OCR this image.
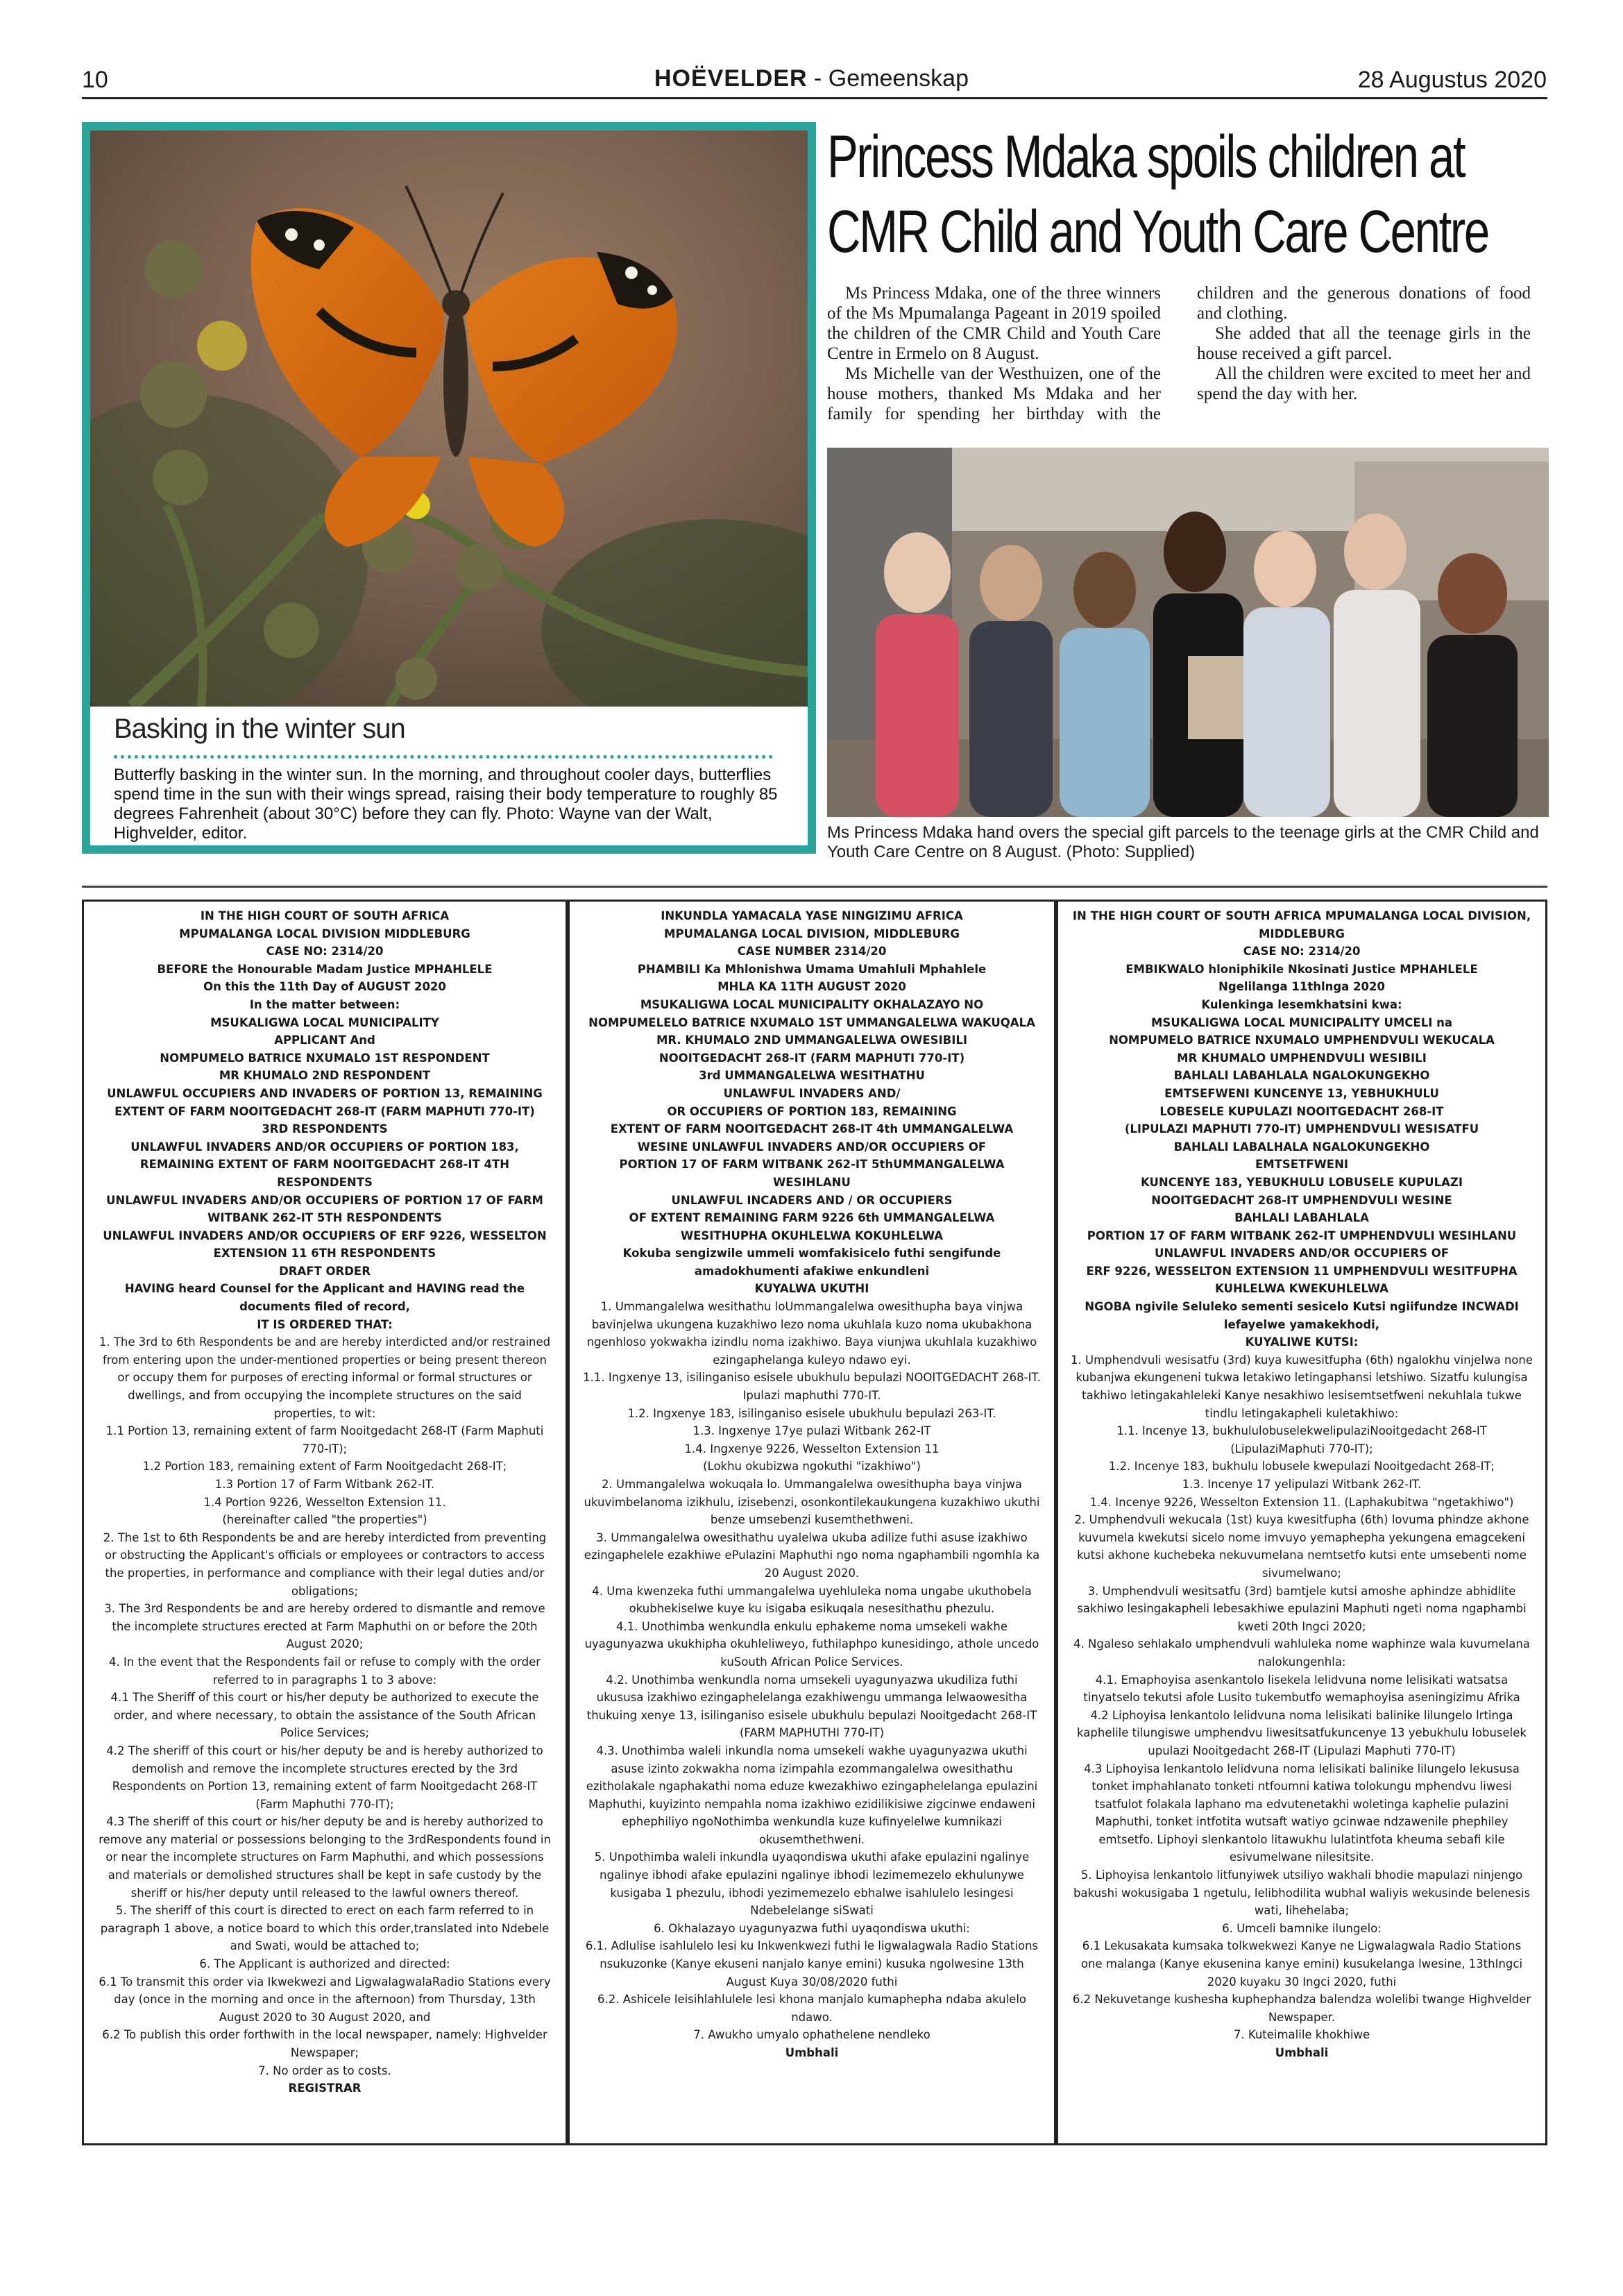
10	HOËVELDER - Gemeenskap	28 Augustus 2020
Basking in the winter sun
Butterfly basking in the winter sun. In the morning, and throughout cooler days, butterflies spend time in the sun with their wings spread, raising their body temperature to roughly 85 degrees Fahrenheit (about 30°C) before they can fly. Photo: Wayne van der Walt, Highvelder, editor.
Princess Mdaka spoils children at CMR Child and Youth Care Centre

Ms Princess Mdaka, one of the three winners of the Ms Mpumalanga Pageant in 2019 spoiled the children of the CMR Child and Youth Care Centre in Ermelo on 8 August.

Ms Michelle van der Westhuizen, one of the house mothers, thanked Ms Mdaka and her family for spending her birthday with the children and the generous donations of food and clothing.

She added that all the teenage girls in the house received a gift parcel.

All the children were excited to meet her and spend the day with her.

Ms Princess Mdaka hand overs the special gift parcels to the teenage girls at the CMR Child and Youth Care Centre on 8 August. (Photo: Supplied)
IN THE HIGH COURT OF SOUTH AFRICA
MPUMALANGA LOCAL DIVISION MIDDLEBURG
CASE NO: 2314/20
BEFORE the Honourable Madam Justice MPHAHLELE
On this the 11th Day of AUGUST 2020
In the matter between:
MSUKALIGWA LOCAL MUNICIPALITY
APPLICANT And
NOMPUMELO BATRICE NXUMALO 1ST RESPONDENT
MR KHUMALO 2ND RESPONDENT
UNLAWFUL OCCUPIERS AND INVADERS OF PORTION 13, REMAINING EXTENT OF FARM NOOITGEDACHT 268-IT (FARM MAPHUTI 770-IT)
3RD RESPONDENTS
UNLAWFUL INVADERS AND/OR OCCUPIERS OF PORTION 183, REMAINING EXTENT OF FARM NOOITGEDACHT 268-IT 4TH RESPONDENTS
UNLAWFUL INVADERS AND/OR OCCUPIERS OF PORTION 17 OF FARM WITBANK 262-IT 5TH RESPONDENTS
UNLAWFUL INVADERS AND/OR OCCUPIERS OF ERF 9226, WESSELTON EXTENSION 11 6TH RESPONDENTS
DRAFT ORDER
HAVING heard Counsel for the Applicant and HAVING read the documents filed of record,
IT IS ORDERED THAT:
1. The 3rd to 6th Respondents be and are hereby interdicted and/or restrained from entering upon the under-mentioned properties or being present thereon or occupy them for purposes of erecting informal or formal structures or dwellings, and from occupying the incomplete structures on the said properties, to wit:
1.1 Portion 13, remaining extent of farm Nooitgedacht 268-IT (Farm Maphuti 770-IT);
1.2 Portion 183, remaining extent of Farm Nooitgedacht 268-IT;
1.3 Portion 17 of Farm Witbank 262-IT.
1.4 Portion 9226, Wesselton Extension 11.
(hereinafter called "the properties")
2. The 1st to 6th Respondents be and are hereby interdicted from preventing or obstructing the Applicant's officials or employees or contractors to access the properties, in performance and compliance with their legal duties and/or obligations;
3. The 3rd Respondents be and are hereby ordered to dismantle and remove the incomplete structures erected at Farm Maphuthi on or before the 20th August 2020;
4. In the event that the Respondents fail or refuse to comply with the order referred to in paragraphs 1 to 3 above:
4.1 The Sheriff of this court or his/her deputy be authorized to execute the order, and where necessary, to obtain the assistance of the South African Police Services;
4.2 The sheriff of this court or his/her deputy be and is hereby authorized to demolish and remove the incomplete structures erected by the 3rd Respondents on Portion 13, remaining extent of farm Nooitgedacht 268-IT (Farm Maphuthi 770-IT);
4.3 The sheriff of this court or his/her deputy be and is hereby authorized to remove any material or possessions belonging to the 3rdRespondents found in or near the incomplete structures on Farm Maphuthi, and which possessions and materials or demolished structures shall be kept in safe custody by the sheriff or his/her deputy until released to the lawful owners thereof.
5. The sheriff of this court is directed to erect on each farm referred to in paragraph 1 above, a notice board to which this order,translated into Ndebele and Swati, would be attached to;
6. The Applicant is authorized and directed:
6.1 To transmit this order via Ikwekwezi and LigwalagwalaRadio Stations every day (once in the morning and once in the afternoon) from Thursday, 13th August 2020 to 30 August 2020, and
6.2 To publish this order forthwith in the local newspaper, namely: Highvelder Newspaper;
7. No order as to costs.
REGISTRAR
INKUNDLA YAMACALA YASE NINGIZIMU AFRICA
MPUMALANGA LOCAL DIVISION, MIDDLEBURG
CASE NUMBER 2314/20
PHAMBILI Ka Mhlonishwa Umama Umahluli Mphahlele
MHLA KA 11TH AUGUST 2020
MSUKALIGWA LOCAL MUNICIPALITY OKHALAZAYO NO
NOMPUMELELO BATRICE NXUMALO 1ST UMMANGALELWA WAKUQALA
MR. KHUMALO 2ND UMMANGALELWA OWESIBILI
NOOITGEDACHT 268-IT (FARM MAPHUTI 770-IT)
3rd UMMANGALELWA WESITHATHU
UNLAWFUL INVADERS AND/
OR OCCUPIERS OF PORTION 183, REMAINING
EXTENT OF FARM NOOITGEDACHT 268-IT 4th UMMANGALELWA
WESINE UNLAWFUL INVADERS AND/OR OCCUPIERS OF
PORTION 17 OF FARM WITBANK 262-IT 5thUMMANGALELWA
WESIHLANU
UNLAWFUL INCADERS AND / OR OCCUPIERS
OF EXTENT REMAINING FARM 9226 6th UMMANGALELWA
WESITHUPHA OKUHLELWA KOKUHLELWA
Kokuba sengizwile ummeli womfakisicelo futhi sengifunde amadokhumenti afakiwe enkundleni
KUYALWA UKUTHI
1. Ummangalelwa wesithathu loUmmangalelwa owesithupha baya vinjwa bavinjelwa ukungena kuzakhiwo lezo noma ukuhlala kuzo noma ukubakhona ngenhloso yokwakha izindlu noma izakhiwo. Baya viunjwa ukuhlala kuzakhiwo ezingaphelanga kuleyo ndawo eyi.
1.1. Ingxenye 13, isilinganiso esisele ubukhulu bepulazi NOOITGEDACHT 268-IT. Ipulazi maphuthi 770-IT.
1.2. Ingxenye 183, isilinganiso esisele ubukhulu bepulazi 263-IT.
1.3. Ingxenye 17ye pulazi Witbank 262-IT
1.4. Ingxenye 9226, Wesselton Extension 11
(Lokhu okubizwa ngokuthi "izakhiwo")
2. Ummangalelwa wokuqala lo. Ummangalelwa owesithupha baya vinjwa ukuvimbelanoma izikhulu, izisebenzi, osonkontilekaukungena kuzakhiwo ukuthi benze umsebenzi kusemthethweni.
3. Ummangalelwa owesithathu uyalelwa ukuba adilize futhi asuse izakhiwo ezingaphelele ezakhiwe ePulazini Maphuthi ngo noma ngaphambili ngomhla ka 20 August 2020.
4. Uma kwenzeka futhi ummangalelwa uyehluleka noma ungabe ukuthobela okubhekiselwe kuye ku isigaba esikuqala nesesithathu phezulu.
4.1. Unothimba wenkundla enkulu ephakeme noma umsekeli wakhe uyagunyazwa ukukhipha okuhleliweyo, futhilaphpo kunesidingo, athole uncedo kuSouth African Police Services.
4.2. Unothimba wenkundla noma umsekeli uyagunyazwa ukudiliza futhi ukususa izakhiwo ezingaphelelanga ezakhiwengu ummanga lelwaowesitha thukuing xenye 13, isilinganiso esisele ubukhulu bepulazi Nooitgedacht 268-IT (FARM MAPHUTHI 770-IT)
4.3. Unothimba waleli inkundla noma umsekeli wakhe uyagunyazwa ukuthi asuse izinto zokwakha noma izimpahla ezommangalelwa owesithathu ezitholakale ngaphakathi noma eduze kwezakhiwo ezingaphelelanga epulazini Maphuthi, kuyizinto nempahla noma izakhiwo ezidilikisiwe zigcinwe endaweni ephephiliyo ngoNothimba wenkundla kuze kufinyelelwe kumnikazi okusemthethweni.
5. Unpothimba waleli inkundla uyaqondiswa ukuthi afake epulazini ngalinye ngalinye ibhodi afake epulazini ngalinye ibhodi lezimemezelo ekhulunywe kusigaba 1 phezulu, ibhodi yezimemezelo ebhalwe isahlulelo lesingesi Ndebelelange siSwati
6. Okhalazayo uyagunyazwa futhi uyaqondiswa ukuthi:
6.1. Adlulise isahlulelo lesi ku Inkwenkwezi futhi le ligwalagwala Radio Stations nsukuzonke (Kanye ekuseni nanjalo kanye emini) kusuka ngolwesine 13th August Kuya 30/08/2020 futhi
6.2. Ashicele leisihlahlulele lesi khona manjalo kumaphepha ndaba akulelo ndawo.
7. Awukho umyalo ophathelene nendleko
Umbhali
IN THE HIGH COURT OF SOUTH AFRICA MPUMALANGA LOCAL DIVISION, MIDDLEBURG
CASE NO: 2314/20
EMBIKWALO hloniphikile Nkosinati Justice MPHAHLELE
Ngelilanga 11thlnga 2020
Kulenkinga lesemkhatsini kwa:
MSUKALIGWA LOCAL MUNICIPALITY UMCELI na
NOMPUMELO BATRICE NXUMALO UMPHENDVULI WEKUCALA
MR KHUMALO UMPHENDVULI WESIBILI
BAHLALI LABAHLALA NGALOKUNGEKHO
EMTSEFWENI KUNCENYE 13, YEBHUKHULU
LOBESELE KUPULAZI NOOITGEDACHT 268-IT
(LIPULAZI MAPHUTI 770-IT) UMPHENDVULI WESISATFU
BAHLALI LABALHALA NGALOKUNGEKHO
EMTSETFWENI
KUNCENYE 183, YEBUKHULU LOBUSELE KUPULAZI
NOOITGEDACHT 268-IT UMPHENDVULI WESINE
BAHLALI LABAHLALA
PORTION 17 OF FARM WITBANK 262-IT UMPHENDVULI WESIHLANU
UNLAWFUL INVADERS AND/OR OCCUPIERS OF
ERF 9226, WESSELTON EXTENSION 11 UMPHENDVULI WESITFUPHA
KUHLELWA KWEKUHLELWA
NGOBA ngivile Seluleko sementi sesicelo Kutsi ngiifundze INCWADI lefayelwe yamakekhodi,
KUYALIWE KUTSI:
1. Umphendvuli wesisatfu (3rd) kuya kuwesitfupha (6th) ngalokhu vinjelwa none kubanjwa ekungeneni tukwa letakiwo letingaphansi letshiwo. Sizatfu kulungisa takhiwo letingakahleleki Kanye nesakhiwo lesisemtsetfweni nekuhlala tukwe tindlu letingakapheli kuletakhiwo:
1.1. Incenye 13, bukhululobuselekwelipulaziNooitgedacht 268-IT (LipulaziMaphuti 770-IT);
1.2. Incenye 183, bukhulu lobusele kwepulazi Nooitgedacht 268-IT;
1.3. Incenye 17 yelipulazi Witbank 262-IT.
1.4. Incenye 9226, Wesselton Extension 11. (Laphakubitwa "ngetakhiwo")
2. Umphendvuli wekucala (1st) kuya kwesitfupha (6th) lovuma phindze akhone kuvumela kwekutsi sicelo nome imvuyo yemaphepha yekungena emagcekeni kutsi akhone kuchebeka nekuvumelana nemtsetfo kutsi ente umsebenti nome sivumelwano;
3. Umphendvuli wesitsatfu (3rd) bamtjele kutsi amoshe aphindze abhidlite sakhiwo lesingakapheli lebesakhiwe epulazini Maphuti ngeti noma ngaphambi kweti 20th Ingci 2020;
4. Ngaleso sehlakalo umphendvuli wahluleka nome waphinze wala kuvumelana nalokungenhla:
4.1. Emaphoyisa asenkantolo lisekela lelidvuna nome lelisikati watsatsa tinyatselo tekutsi afole Lusito tukembutfo wemaphoyisa aseningizimu Afrika
4.2 Liphoyisa lenkantolo lelidvuna noma lelisikati balinike lilungelo lrtinga kaphelile tilungiswe umphendvu liwesitsatfukuncenye 13 yebukhulu lobuselek upulazi Nooitgedacht 268-IT (Lipulazi Maphuti 770-IT)
4.3 Liphoyisa lenkantolo lelidvuna noma lelisikati balinike lilungelo lekususa tonket imphahlanato tonketi ntfoumni katiwa tolokungu mphendvu liwesi tsatfulot folakala laphano ma edvutenetakhi woletinga kaphelie pulazini Maphuthi, tonket intfotita wutsaft watiyo gcinwae ndzawenile phephiley emtsetfo. Liphoyi slenkantolo litawukhu lulatintfota kheuma sebafi kile esivumelwane nilesitsite.
5. Liphoyisa lenkantolo litfunyiwek utsiliyo wakhali bhodie mapulazi ninjengo bakushi wokusigaba 1 ngetulu, lelibhodilita wubhal waliyis wekusinde belenesis wati, lihehelaba;
6. Umceli bamnike ilungelo:
6.1 Lekusakata kumsaka tolkwekwezi Kanye ne Ligwalagwala Radio Stations one malanga (Kanye ekusenina kanye emini) kusukelanga lwesine, 13thIngci 2020 kuyaku 30 Ingci 2020, futhi
6.2 Nekuvetange kushesha kuphephandza balendza wolelibi twange Highvelder Newspaper.
7. Kuteimalile khokhiwe
Umbhali
